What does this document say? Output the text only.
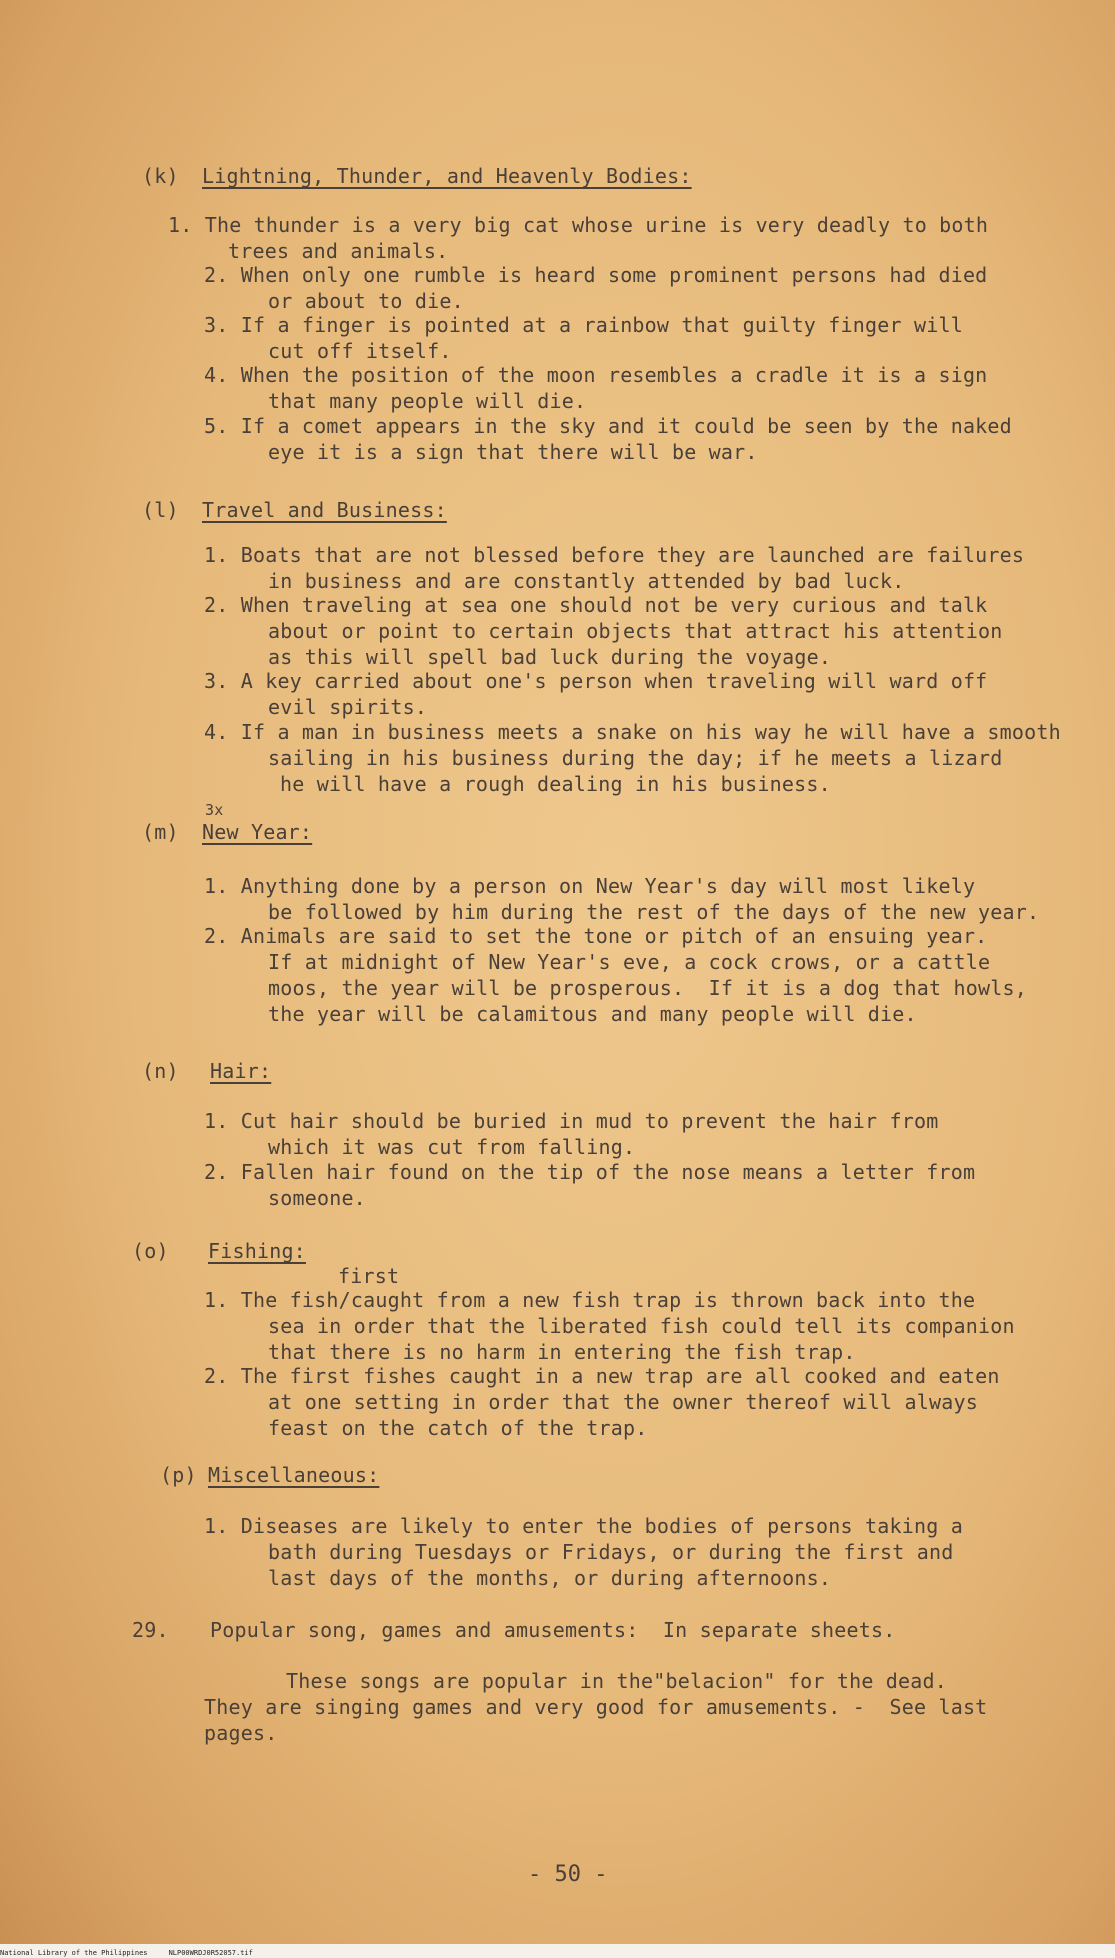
(k) Lightning, Thunder, and Heavenly Bodies:
1. The thunder is a very big cat whose urine is very deadly to both
trees and animals.
2. When only one rumble is heard some prominent persons had died
or about to die.
3. If a finger is pointed at a rainbow that guilty finger will
cut off itself.
4. When the position of the moon resembles a cradle it is a sign
that many people will die.
5. If a comet appears in the sky and it could be seen by the naked
eye it is a sign that there will be war.
(l) Travel and Business:
1. Boats that are not blessed before they are launched are failures
in business and are constantly attended by bad luck.
2. When traveling at sea one should not be very curious and talk
about or point to certain objects that attract his attention
as this will spell bad luck during the voyage.
3. A key carried about one's person when traveling will ward off
evil spirits.
4. If a man in business meets a snake on his way he will have a smooth
sailing in his business during the day; if he meets a lizard
he will have a rough dealing in his business.
3x
(m) New Year:
1. Anything done by a person on New Year's day will most likely
be followed by him during the rest of the days of the new year.
2. Animals are said to set the tone or pitch of an ensuing year.
If at midnight of New Year's eve, a cock crows, or a cattle
moos, the year will be prosperous.  If it is a dog that howls,
the year will be calamitous and many people will die.
(n) Hair:
1. Cut hair should be buried in mud to prevent the hair from
which it was cut from falling.
2. Fallen hair found on the tip of the nose means a letter from
someone.
(o) Fishing:
first
1. The fish/caught from a new fish trap is thrown back into the
sea in order that the liberated fish could tell its companion
that there is no harm in entering the fish trap.
2. The first fishes caught in a new trap are all cooked and eaten
at one setting in order that the owner thereof will always
feast on the catch of the trap.
(p) Miscellaneous:
1. Diseases are likely to enter the bodies of persons taking a
bath during Tuesdays or Fridays, or during the first and
last days of the months, or during afternoons.
29. Popular song, games and amusements:  In separate sheets.
These songs are popular in the"belacion" for the dead.
They are singing games and very good for amusements. -  See last
pages.
- 50 -
National Library of the Philippines     NLP00WRDJ0R52057.tif
